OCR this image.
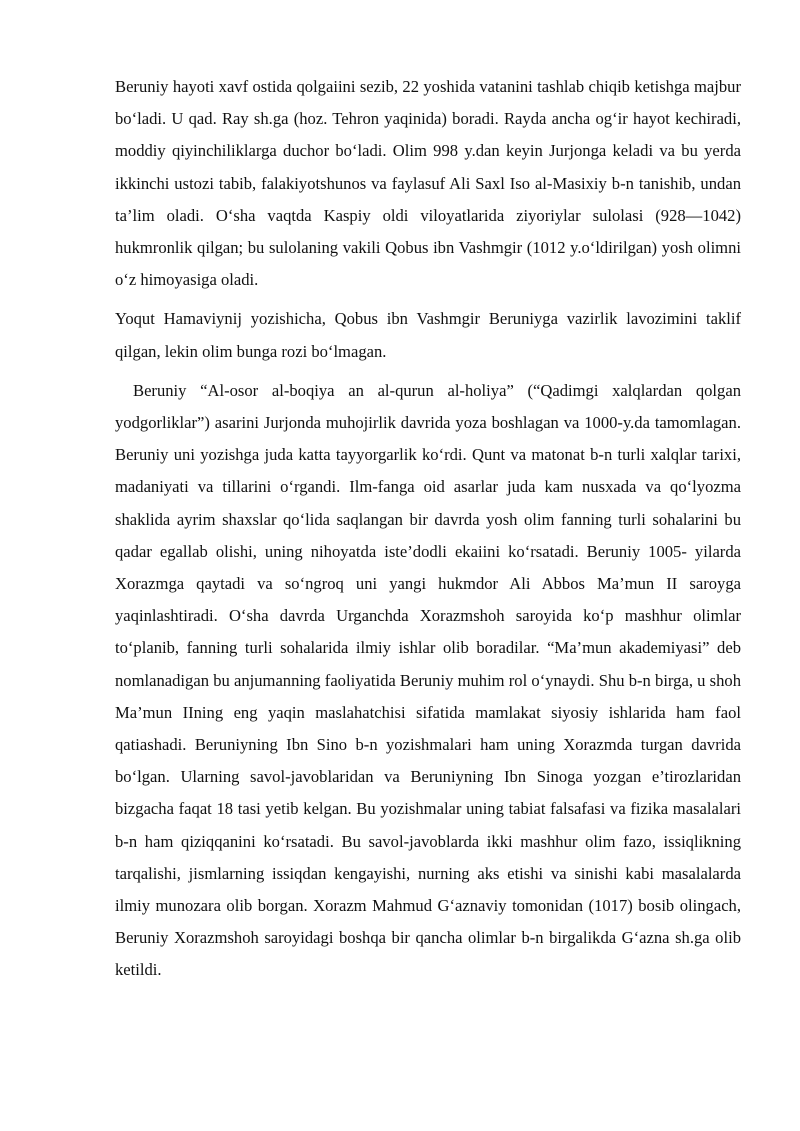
Beruniy hayoti xavf ostida qolgaiini sezib, 22 yoshida vatanini tashlab chiqib ketishga majbur bo‘ladi. U qad. Ray sh.ga (hoz. Tehron yaqinida) boradi. Rayda ancha og‘ir hayot kechiradi, moddiy qiyinchiliklarga duchor bo‘ladi. Olim 998 y.dan keyin Jurjonga keladi va bu yerda ikkinchi ustozi tabib, falakiyotshunos va faylasuf Ali Saxl Iso al-Masixiy b-n tanishib, undan ta’lim oladi. O‘sha vaqtda Kaspiy oldi viloyatlarida ziyoriylar sulolasi (928—1042) hukmronlik qilgan; bu sulolaning vakili Qobus ibn Vashmgir (1012 y.o‘ldirilgan) yosh olimni o‘z himoyasiga oladi.

Yoqut Hamaviynij yozishicha, Qobus ibn Vashmgir Beruniyga vazirlik lavozimini taklif qilgan, lekin olim bunga rozi bo‘lmagan.

Beruniy “Al-osor al-boqiya an al-qurun al-holiya” (“Qadimgi xalqlardan qolgan yodgorliklar”) asarini Jurjonda muhojirlik davrida yoza boshlagan va 1000-y.da tamomlagan. Beruniy uni yozishga juda katta tayyorgarlik ko‘rdi. Qunt va matonat b-n turli xalqlar tarixi, madaniyati va tillarini o‘rgandi. Ilm-fanga oid asarlar juda kam nusxada va qo‘lyozma shaklida ayrim shaxslar qo‘lida saqlangan bir davrda yosh olim fanning turli sohalarini bu qadar egallab olishi, uning nihoyatda iste’dodli ekaiini ko‘rsatadi. Beruniy 1005- yilarda Xorazmga qaytadi va so‘ngroq uni yangi hukmdor Ali Abbos Ma’mun II saroyga yaqinlashtiradi. O‘sha davrda Urganchda Xorazmshoh saroyida ko‘p mashhur olimlar to‘planib, fanning turli sohalarida ilmiy ishlar olib boradilar. “Ma’mun akademiyasi” deb nomlanadigan bu anjumanning faoliyatida Beruniy muhim rol o‘ynaydi. Shu b-n birga, u shoh Ma’mun IIning eng yaqin maslahatchisi sifatida mamlakat siyosiy ishlarida ham faol qatiashadi. Beruniyning Ibn Sino b-n yozishmalari ham uning Xorazmda turgan davrida bo‘lgan. Ularning savol-javoblaridan va Beruniyning Ibn Sinoga yozgan e’tirozlaridan bizgacha faqat 18 tasi yetib kelgan. Bu yozishmalar uning tabiat falsafasi va fizika masalalari b-n ham qiziqqanini ko‘rsatadi. Bu savol-javoblarda ikki mashhur olim fazo, issiqlikning tarqalishi, jismlarning issiqdan kengayishi, nurning aks etishi va sinishi kabi masalalarda ilmiy munozara olib borgan. Xorazm Mahmud G‘aznaviy tomonidan (1017) bosib olingach, Beruniy Xorazmshoh saroyidagi boshqa bir qancha olimlar b-n birgalikda G‘azna sh.ga olib ketildi.
